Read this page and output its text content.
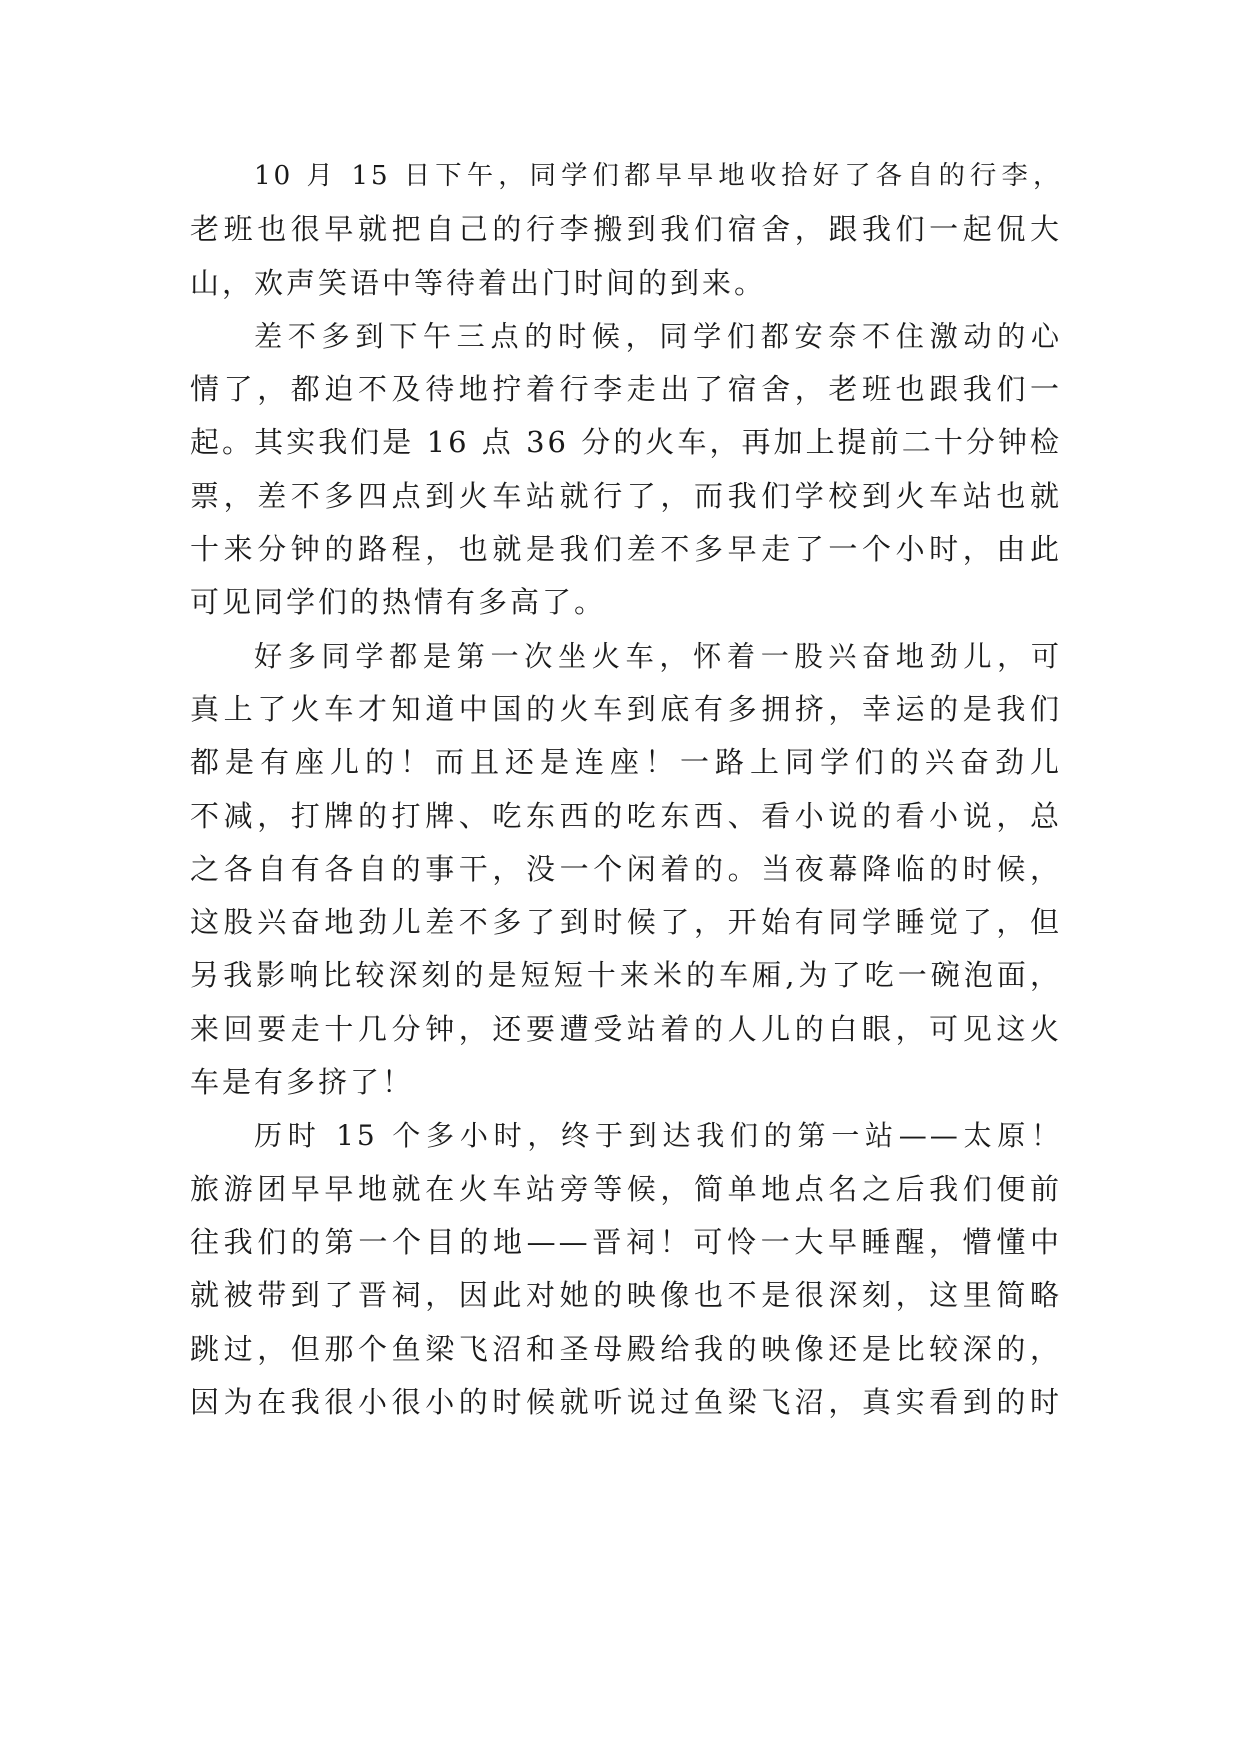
10 月 15 日下午，同学们都早早地收拾好了各自的行李，
老班也很早就把自己的行李搬到我们宿舍，跟我们一起侃大
山，欢声笑语中等待着出门时间的到来。
差不多到下午三点的时候，同学们都安奈不住激动的心
情了，都迫不及待地拧着行李走出了宿舍，老班也跟我们一
起。其实我们是 16 点 36 分的火车，再加上提前二十分钟检
票，差不多四点到火车站就行了，而我们学校到火车站也就
十来分钟的路程，也就是我们差不多早走了一个小时，由此
可见同学们的热情有多高了。
好多同学都是第一次坐火车，怀着一股兴奋地劲儿，可
真上了火车才知道中国的火车到底有多拥挤，幸运的是我们
都是有座儿的！而且还是连座！一路上同学们的兴奋劲儿
不减，打牌的打牌、吃东西的吃东西、看小说的看小说，总
之各自有各自的事干，没一个闲着的。当夜幕降临的时候，
这股兴奋地劲儿差不多了到时候了，开始有同学睡觉了，但
另我影响比较深刻的是短短十来米的车厢,为了吃一碗泡面，
来回要走十几分钟，还要遭受站着的人儿的白眼，可见这火
车是有多挤了！
历时 15 个多小时，终于到达我们的第一站——太原！
旅游团早早地就在火车站旁等候，简单地点名之后我们便前
往我们的第一个目的地——晋祠！可怜一大早睡醒，懵懂中
就被带到了晋祠，因此对她的映像也不是很深刻，这里简略
跳过，但那个鱼梁飞沼和圣母殿给我的映像还是比较深的，
因为在我很小很小的时候就听说过鱼梁飞沼，真实看到的时
